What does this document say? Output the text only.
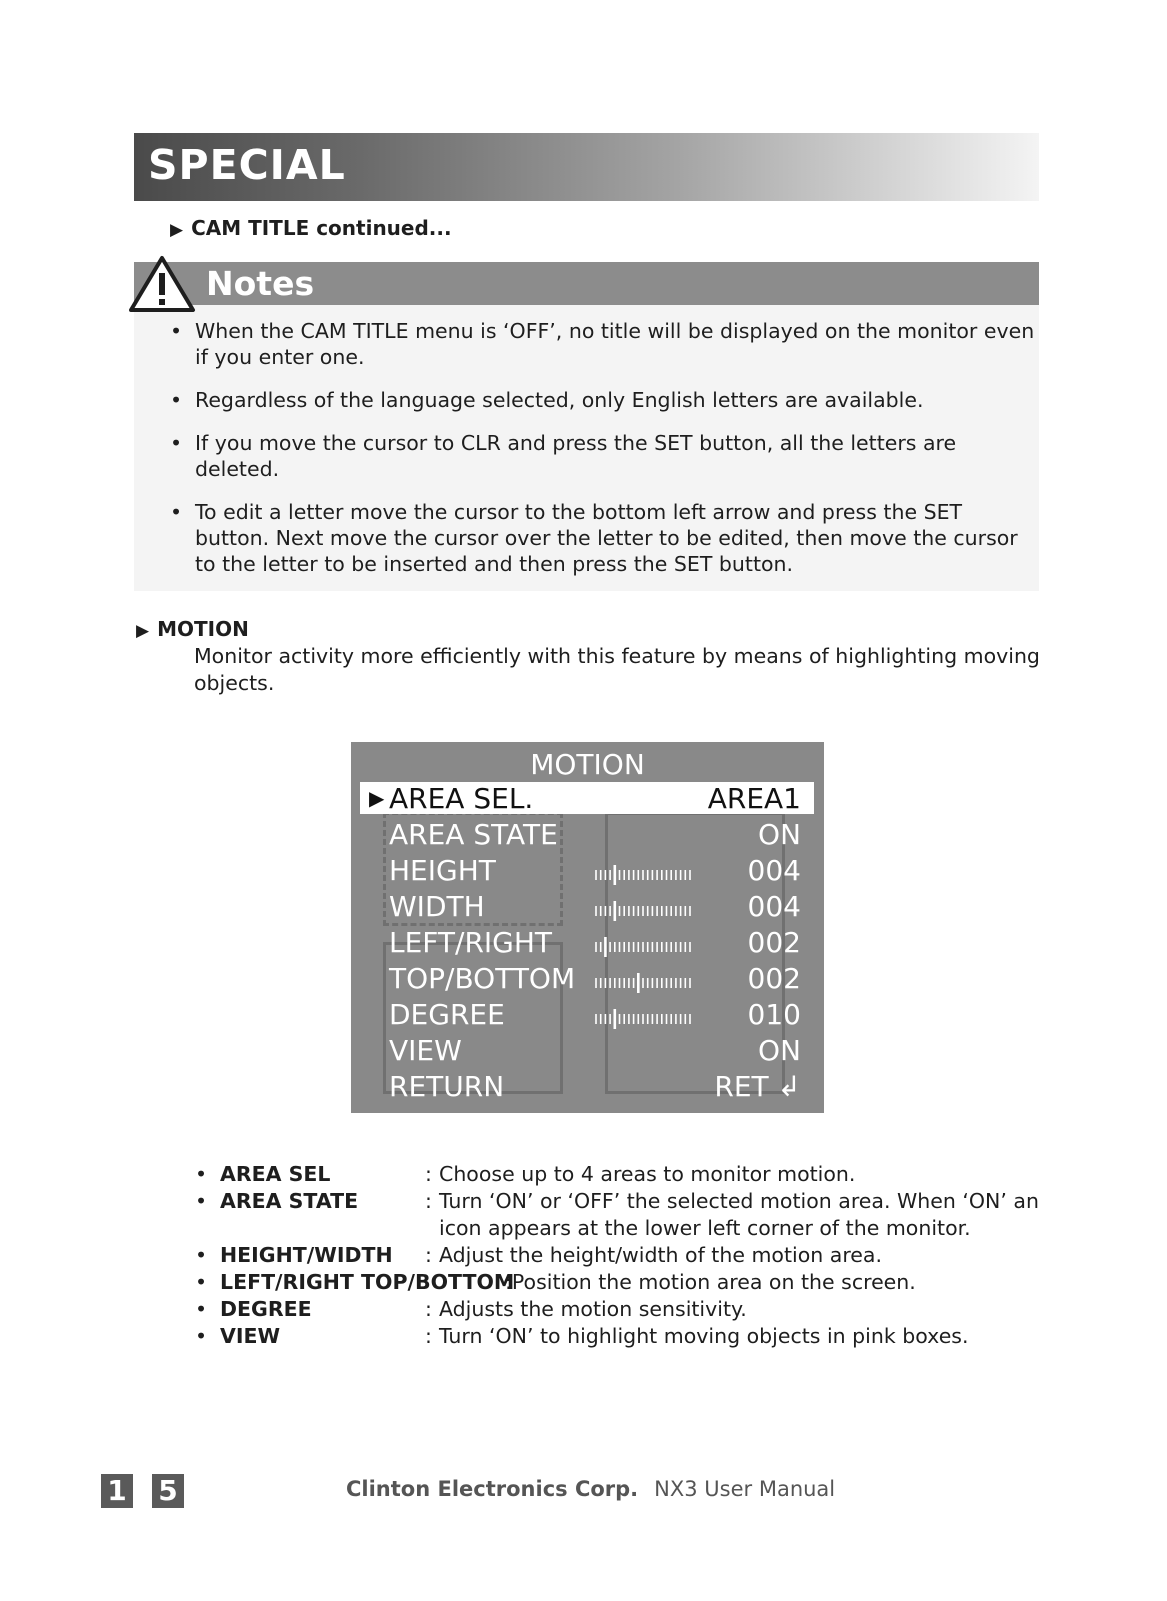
SPECIAL
▶ CAM TITLE continued...
Notes
• When the CAM TITLE menu is ‘OFF’, no title will be displayed on the monitor even if you enter one.
• Regardless of the language selected, only English letters are available.
• If you move the cursor to CLR and press the SET button, all the letters are deleted.
• To edit a letter move the cursor to the bottom left arrow and press the SET button. Next move the cursor over the letter to be edited, then move the cursor to the letter to be inserted and then press the SET button.
▶ MOTION
Monitor activity more efficiently with this feature by means of highlighting moving objects.
MOTION
▶ AREA SEL.	AREA1
AREA STATE	ON
HEIGHT	004
WIDTH	004
LEFT/RIGHT	002
TOP/BOTTOM	002
DEGREE	010
VIEW	ON
RETURN	RET ↲
• AREA SEL	: Choose up to 4 areas to monitor motion.
• AREA STATE	: Turn ‘ON’ or ‘OFF’ the selected motion area. When ‘ON’ an icon appears at the lower left corner of the monitor.
• HEIGHT/WIDTH : Adjust the height/width of the motion area.
• LEFT/RIGHT TOP/BOTTOM
:Position the motion area on the screen.
• DEGREE	: Adjusts the motion sensitivity.
• VIEW	: Turn ‘ON’ to highlight moving objects in pink boxes.
1 5	Clinton Electronics Corp. NX3 User Manual
